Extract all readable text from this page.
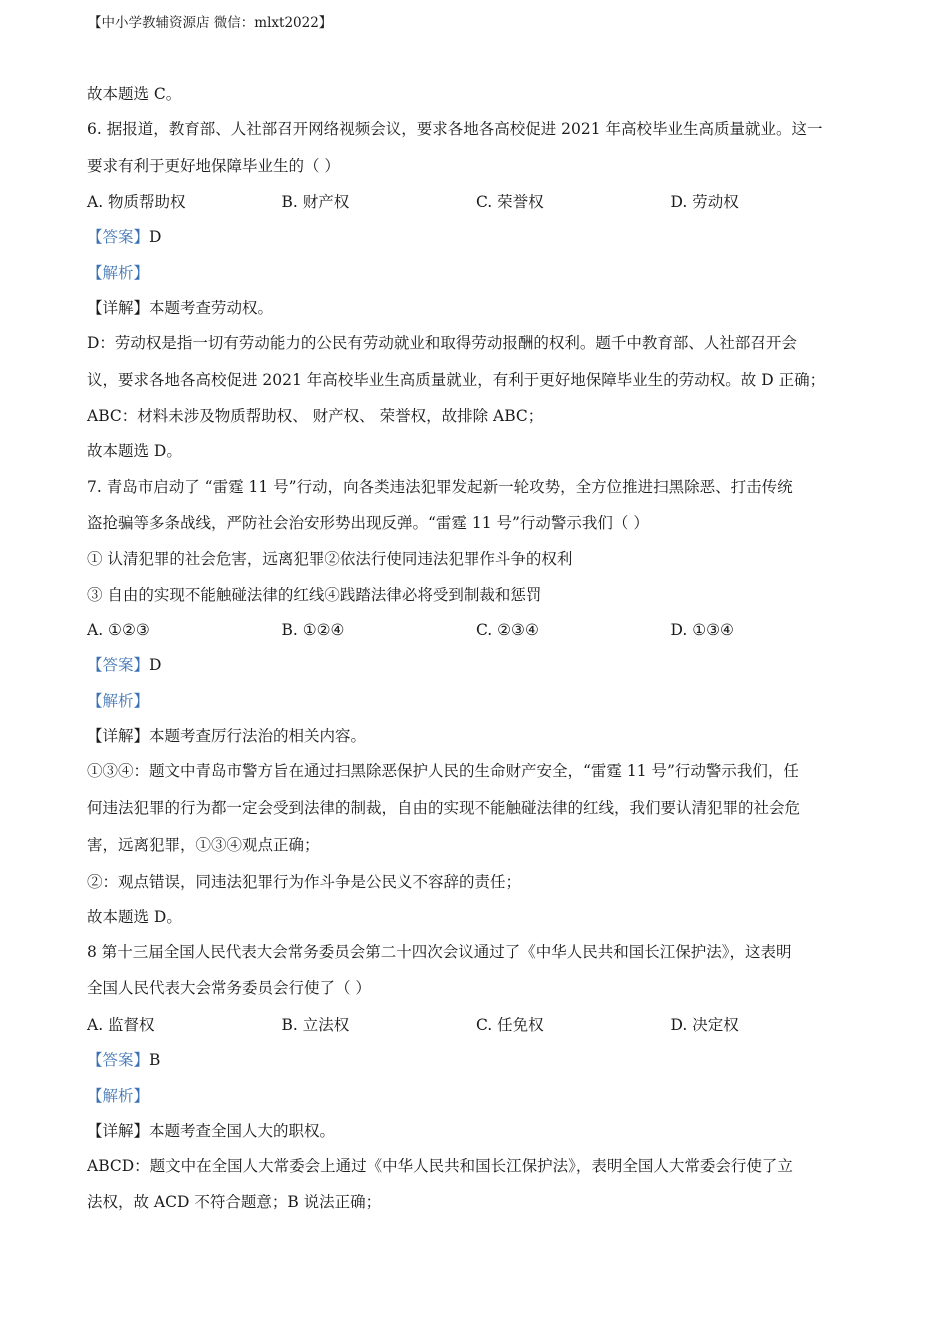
【中小学教辅资源店 微信：mlxt2022】

故本题选 C。

6. 据报道，教育部、人社部召开网络视频会议，要求各地各高校促进 2021 年高校毕业生高质量就业。这一

要求有利于更好地保障毕业生的（ ）

A. 物质帮助权	B. 财产权	C. 荣誉权	D. 劳动权

【答案】D

【解析】

【详解】本题考查劳动权。

D：劳动权是指一切有劳动能力的公民有劳动就业和取得劳动报酬的权利。题千中教育部、人社部召开会

议，要求各地各高校促进 2021 年高校毕业生高质量就业，有利于更好地保障毕业生的劳动权。故 D 正确；

ABC：材料未涉及物质帮助权、 财产权、 荣誉权，故排除 ABC；

故本题选 D。

7. 青岛市启动了 “雷霆 11 号”行动，向各类违法犯罪发起新一轮攻势，全方位推进扫黑除恶、打击传统

盗抢骗等多条战线，严防社会治安形势出现反弹。“雷霆 11 号”行动警示我们（ ）

① 认清犯罪的社会危害，远离犯罪②依法行使同违法犯罪作斗争的权利

③ 自由的实现不能触碰法律的红线④践踏法律必将受到制裁和惩罚

A. ①②③	B. ①②④	C. ②③④	D. ①③④

【答案】D

【解析】

【详解】本题考查厉行法治的相关内容。

①③④：题文中青岛市警方旨在通过扫黑除恶保护人民的生命财产安全，“雷霆 11 号”行动警示我们，任

何违法犯罪的行为都一定会受到法律的制裁，自由的实现不能触碰法律的红线，我们要认清犯罪的社会危

害，远离犯罪，①③④观点正确；

②：观点错误，同违法犯罪行为作斗争是公民义不容辞的责任；

故本题选 D。

8 第十三届全国人民代表大会常务委员会第二十四次会议通过了《中华人民共和国长江保护法》，这表明

全国人民代表大会常务委员会行使了（ ）

A. 监督权	B. 立法权	C. 任免权	D. 决定权

【答案】B

【解析】

【详解】本题考查全国人大的职权。

ABCD：题文中在全国人大常委会上通过《中华人民共和国长江保护法》，表明全国人大常委会行使了立

法权，故 ACD 不符合题意；B 说法正确；
